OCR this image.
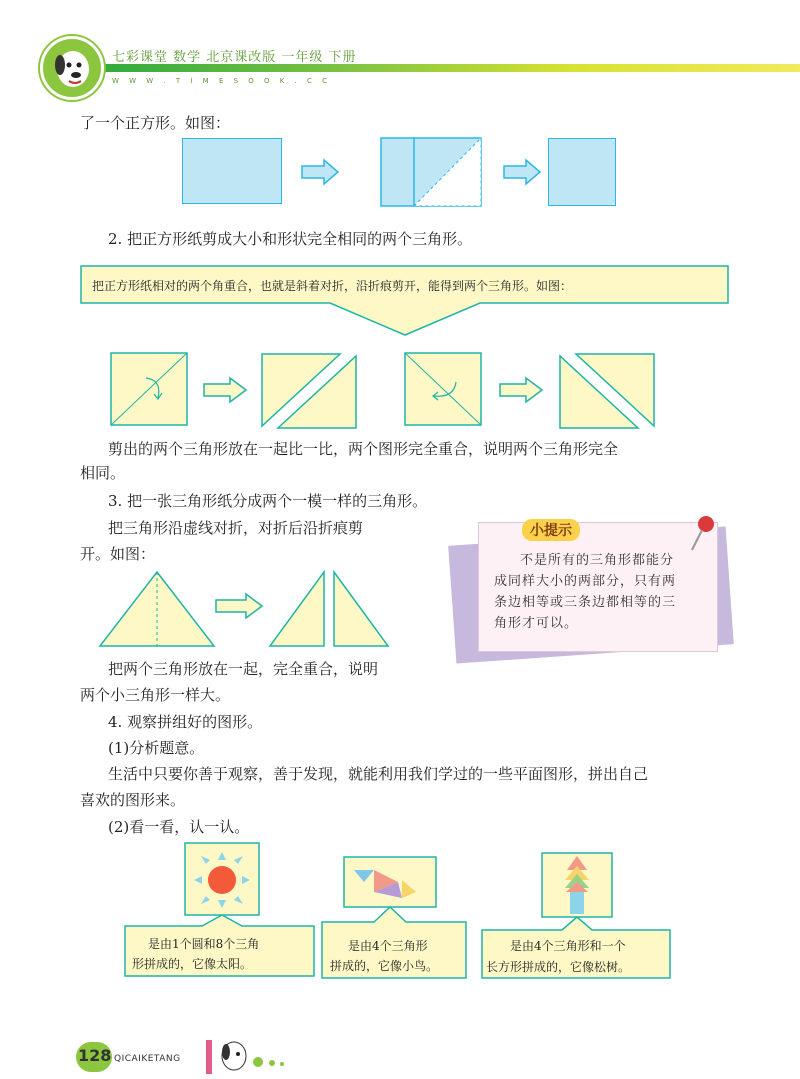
七彩课堂 数学 北京课改版 一年级 下册
W W W . T I M E S O O K . C C
了一个正方形。如图：
2. 把正方形纸剪成大小和形状完全相同的两个三角形。
把正方形纸相对的两个角重合，也就是斜着对折，沿折痕剪开，能得到两个三角形。如图：
剪出的两个三角形放在一起比一比，两个图形完全重合，说明两个三角形完全
相同。
3. 把一张三角形纸分成两个一模一样的三角形。
把三角形沿虚线对折，对折后沿折痕剪
开。如图：
小提示
不是所有的三角形都能分
成同样大小的两部分，只有两
条边相等或三条边都相等的三
角形才可以。
把两个三角形放在一起，完全重合，说明
两个小三角形一样大。
4. 观察拼组好的图形。
(1)分析题意。
生活中只要你善于观察，善于发现，就能利用我们学过的一些平面图形，拼出自己
喜欢的图形来。
(2)看一看，认一认。
是由1个圆和8个三角
形拼成的，它像太阳。
是由4个三角形
拼成的，它像小鸟。
是由4个三角形和一个
长方形拼成的，它像松树。
128 QICAIKETANG
